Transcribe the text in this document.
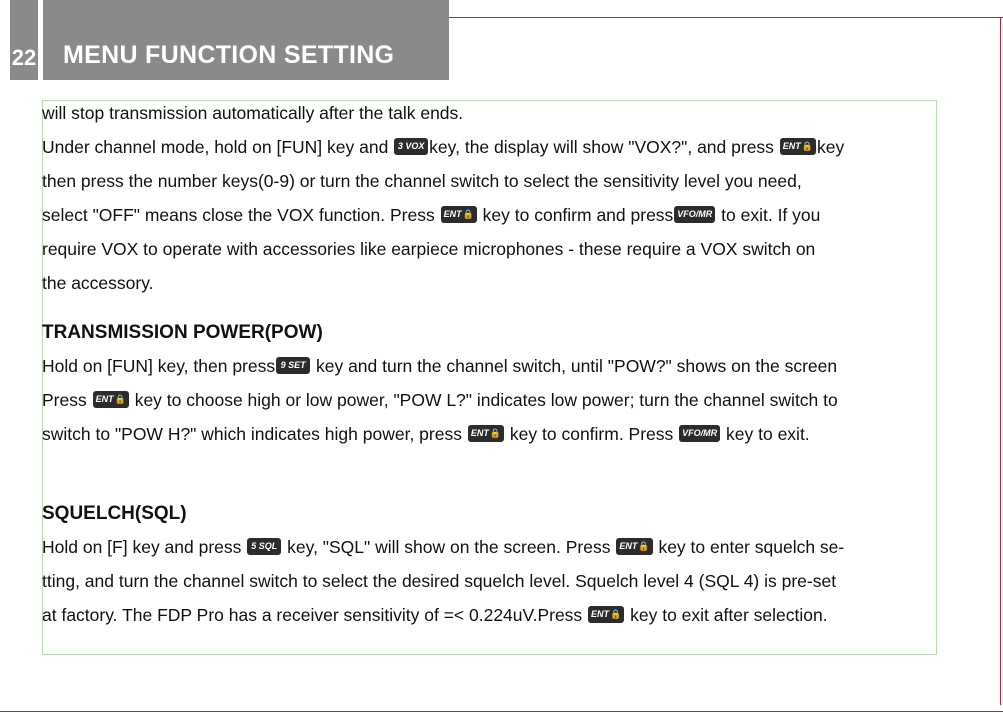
22 MENU FUNCTION SETTING
will stop transmission automatically after the talk ends.
Under channel mode, hold on [FUN] key and 3 VOX key, the display will show "VOX?", and press ENT🔒 key
then press the number keys(0-9) or turn the channel switch to select the sensitivity level you need,
select "OFF" means close the VOX function. Press ENT🔒 key to confirm and press VFO/MR to exit. If you
require VOX to operate with accessories like earpiece microphones - these require a VOX switch on
the accessory.
TRANSMISSION POWER(POW)
Hold on [FUN] key, then press 9 SET key and turn the channel switch, until "POW?" shows on the screen
Press ENT🔒 key to choose high or low power, "POW L?" indicates low power; turn the channel switch to
switch to "POW H?" which indicates high power, press ENT🔒 key to confirm. Press VFO/MR key to exit.
SQUELCH(SQL)
Hold on [F] key and press 5 SQL key, "SQL" will show on the screen. Press ENT🔒 key to enter squelch se-
tting, and turn the channel switch to select the desired squelch level. Squelch level 4 (SQL 4) is pre-set
at factory. The FDP Pro has a receiver sensitivity of =< 0.224uV.Press ENT🔒 key to exit after selection.
